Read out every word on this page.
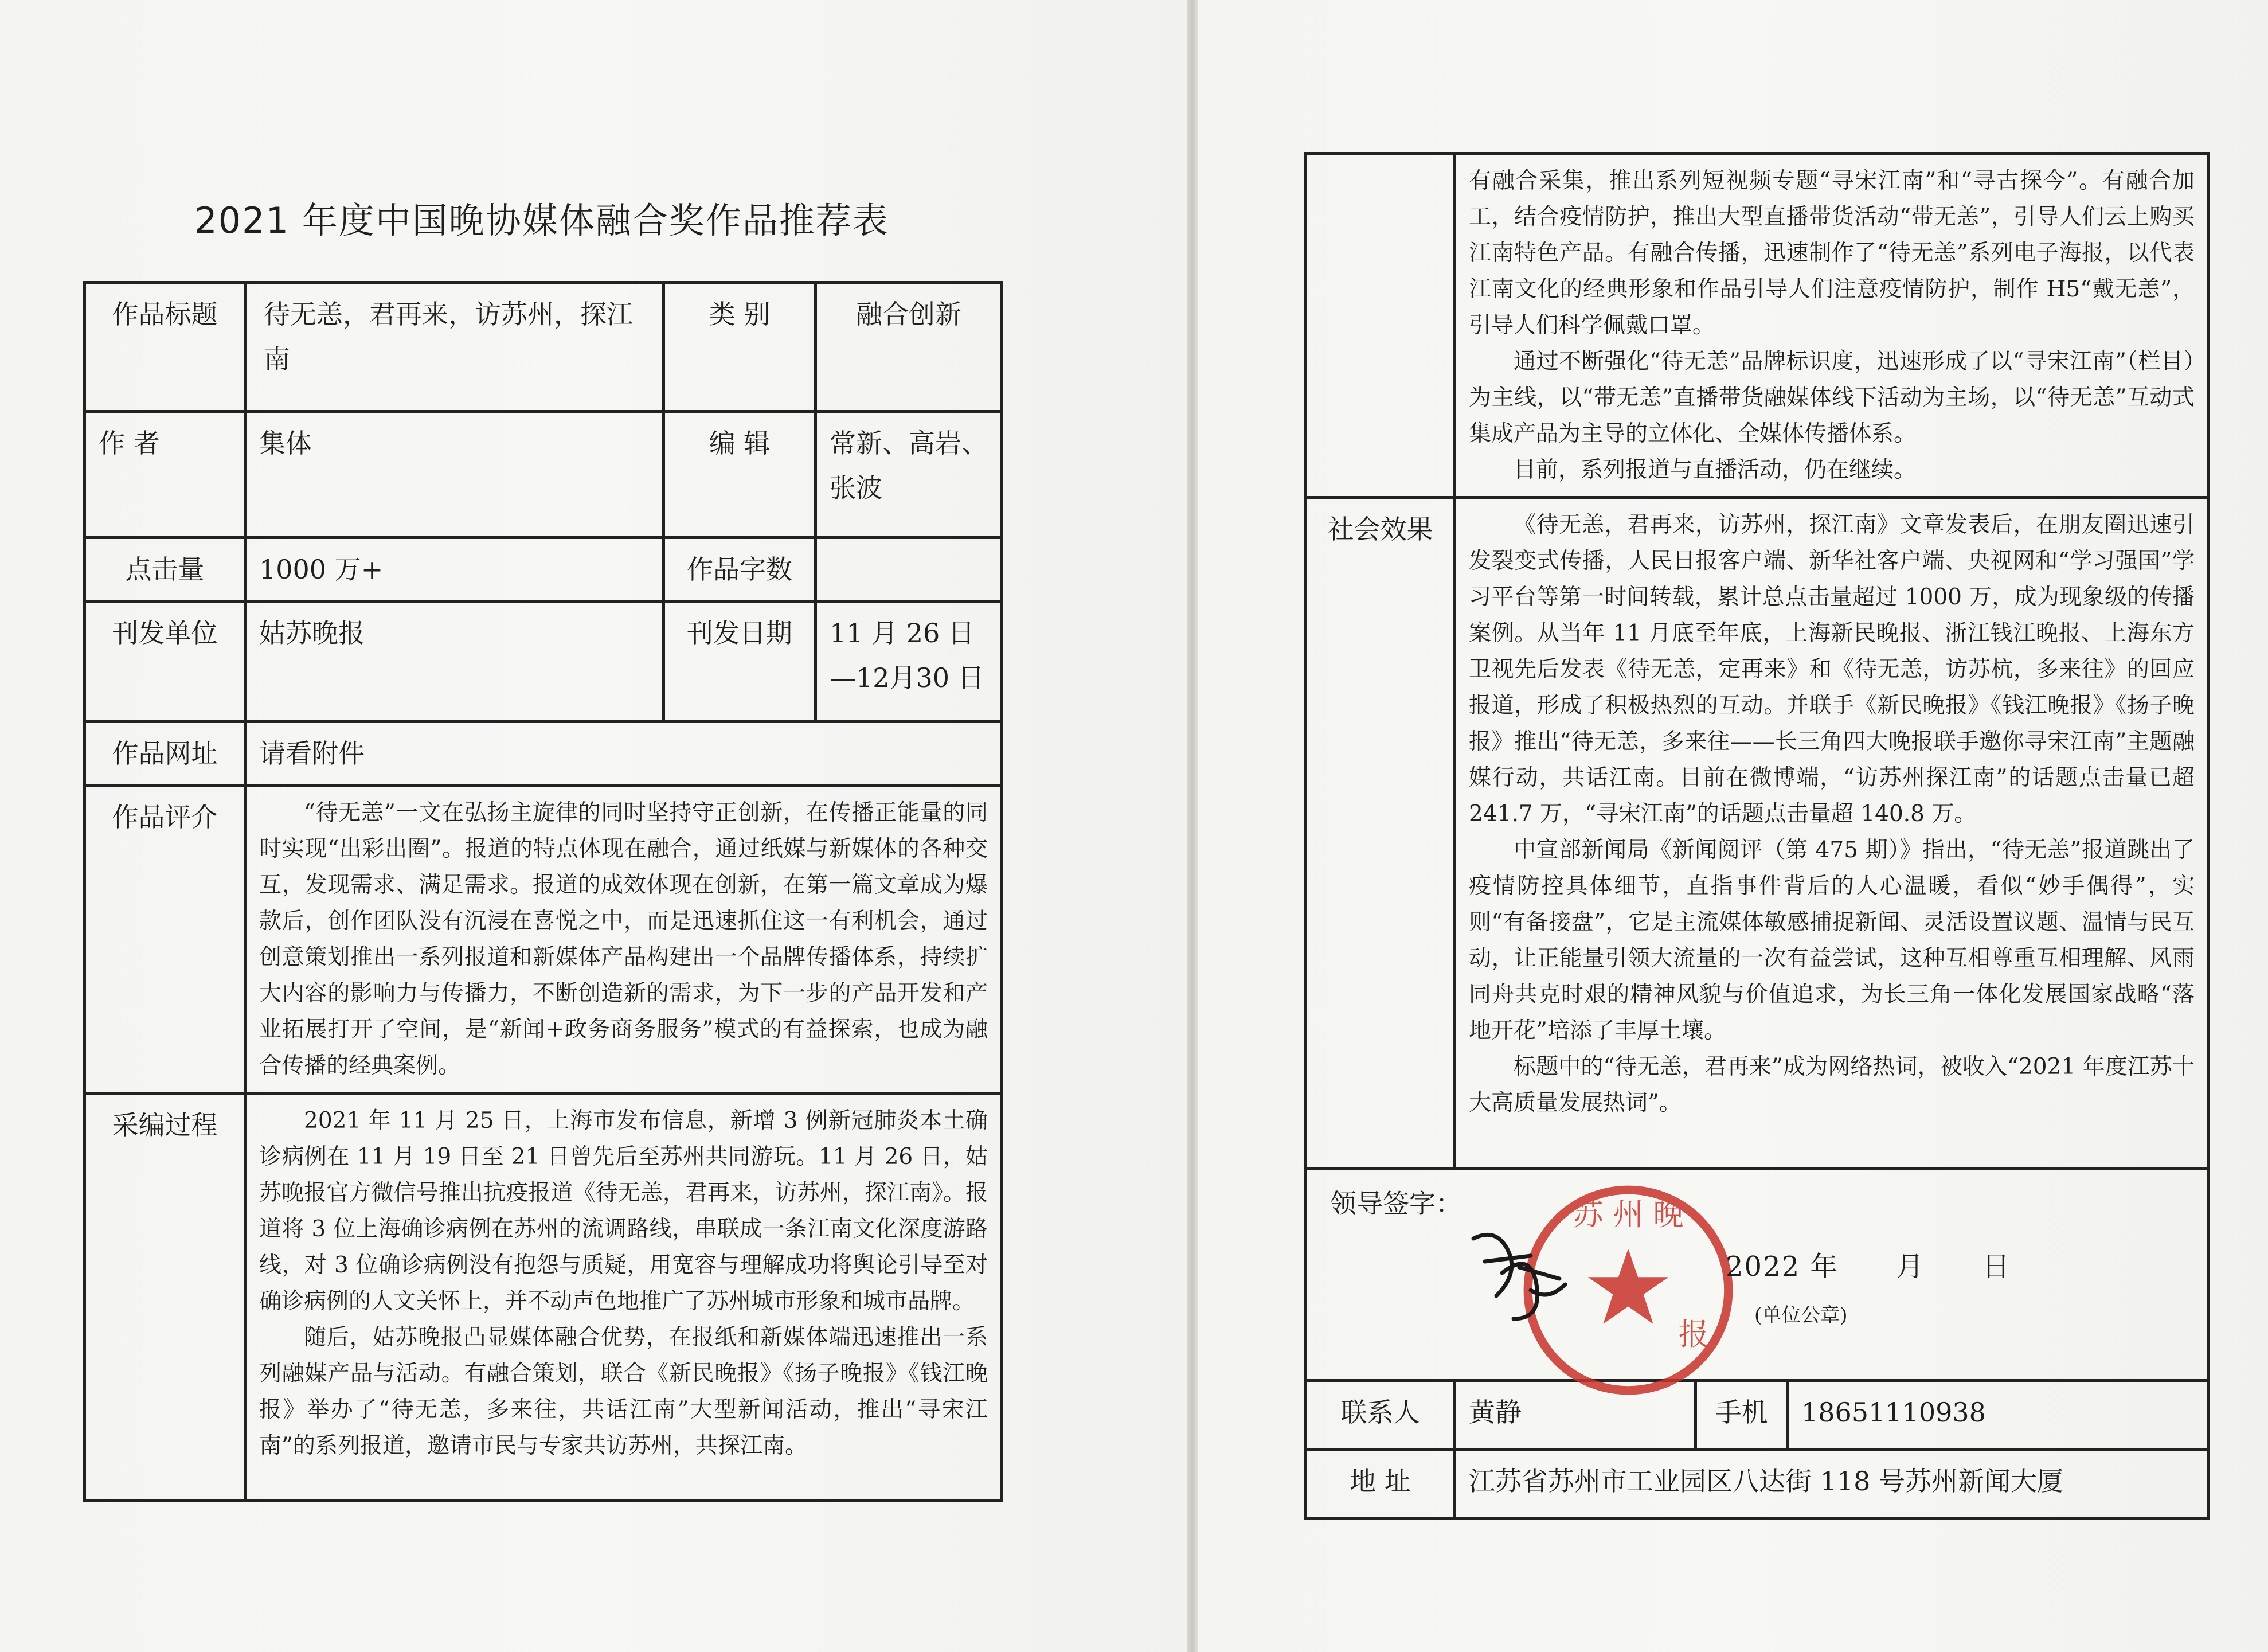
2021 年度中国晚协媒体融合奖作品推荐表
作品标题	待无恙，君再来，访苏州，探江南	类 别	融合创新
作 者	集体	编 辑	常新、高岩、张波
点击量	1000 万+	作品字数	
刊发单位	姑苏晚报	刊发日期	11 月 26 日—12月30 日
作品网址	请看附件		
作品评介	“待无恙”一文在弘扬主旋律的同时坚持守正创新，在传播正能量的同时实现“出彩出圈”。报道的特点体现在融合，通过纸媒与新媒体的各种交互，发现需求、满足需求。报道的成效体现在创新，在第一篇文章成为爆款后，创作团队没有沉浸在喜悦之中，而是迅速抓住这一有利机会，通过创意策划推出一系列报道和新媒体产品构建出一个品牌传播体系，持续扩大内容的影响力与传播力，不断创造新的需求，为下一步的产品开发和产业拓展打开了空间，是“新闻+政务商务服务”模式的有益探索，也成为融合传播的经典案例。		

采编过程	2021 年 11 月 25 日，上海市发布信息，新增 3 例新冠肺炎本土确诊病例在 11 月 19 日至 21 日曾先后至苏州共同游玩。11 月 26 日，姑苏晚报官方微信号推出抗疫报道《待无恙，君再来，访苏州，探江南》。报道将 3 位上海确诊病例在苏州的流调路线，串联成一条江南文化深度游路线，对 3 位确诊病例没有抱怨与质疑，用宽容与理解成功将舆论引导至对确诊病例的人文关怀上，并不动声色地推广了苏州城市形象和城市品牌。

随后，姑苏晚报凸显媒体融合优势，在报纸和新媒体端迅速推出一系列融媒产品与活动。有融合策划，联合《新民晚报》《扬子晚报》《钱江晚报》举办了“待无恙，多来往，共话江南”大型新闻活动，推出“寻宋江南”的系列报道，邀请市民与专家共访苏州，共探江南。		

	有融合采集，推出系列短视频专题“寻宋江南”和“寻古探今”。有融合加工，结合疫情防护，推出大型直播带货活动“带无恙”，引导人们云上购买江南特色产品。有融合传播，迅速制作了“待无恙”系列电子海报，以代表江南文化的经典形象和作品引导人们注意疫情防护，制作 H5“戴无恙”，引导人们科学佩戴口罩。

通过不断强化“待无恙”品牌标识度，迅速形成了以“寻宋江南”（栏目）为主线，以“带无恙”直播带货融媒体线下活动为主场，以“待无恙”互动式集成产品为主导的立体化、全媒体传播体系。

目前，系列报道与直播活动，仍在继续。		

社会效果	《待无恙，君再来，访苏州，探江南》文章发表后，在朋友圈迅速引发裂变式传播，人民日报客户端、新华社客户端、央视网和“学习强国”学习平台等第一时间转载，累计总点击量超过 1000 万，成为现象级的传播案例。从当年 11 月底至年底，上海新民晚报、浙江钱江晚报、上海东方卫视先后发表《待无恙，定再来》和《待无恙，访苏杭，多来往》的回应报道，形成了积极热烈的互动。并联手《新民晚报》《钱江晚报》《扬子晚报》推出“待无恙，多来往——长三角四大晚报联手邀你寻宋江南”主题融媒行动，共话江南。目前在微博端，“访苏州探江南”的话题点击量已超 241.7 万，“寻宋江南”的话题点击量超 140.8 万。

中宣部新闻局《新闻阅评（第 475 期）》指出，“待无恙”报道跳出了疫情防控具体细节，直指事件背后的人心温暖，看似“妙手偶得”，实则“有备接盘”，它是主流媒体敏感捕捉新闻、灵活设置议题、温情与民互动，让正能量引领大流量的一次有益尝试，这种互相尊重互相理解、风雨同舟共克时艰的精神风貌与价值追求，为长三角一体化发展国家战略“落地开花”培添了丰厚土壤。

标题中的“待无恙，君再来”成为网络热词，被收入“2021 年度江苏十大高质量发展热词”。		

领导签字： 苏 州 晚
报
2022 年　　月　　日
(单位公章)			

联系人	黄静	手机	18651110938
地 址	江苏省苏州市工业园区八达街 118 号苏州新闻大厦		
